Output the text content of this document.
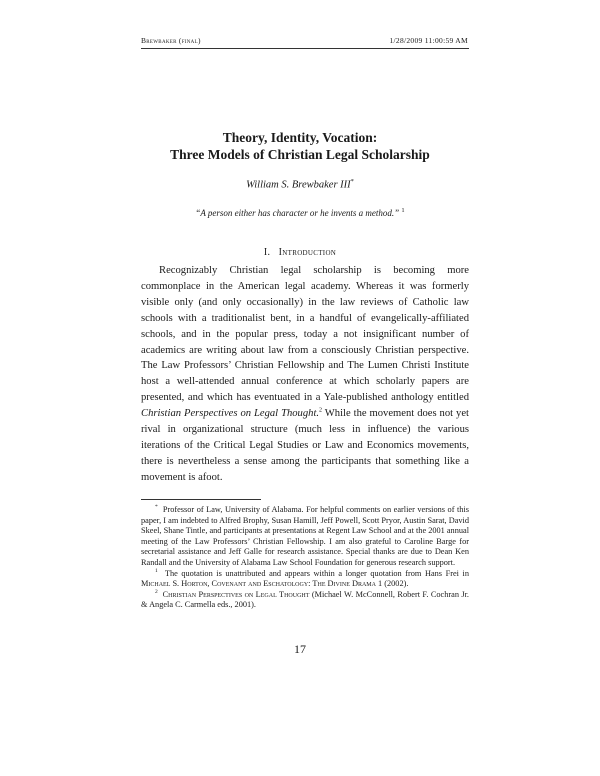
Brewbaker (final)	1/28/2009 11:00:59 AM
Theory, Identity, Vocation:
Three Models of Christian Legal Scholarship
William S. Brewbaker III*
“A person either has character or he invents a method.” $^1$
I. Introduction
Recognizably Christian legal scholarship is becoming more commonplace in the American legal academy. Whereas it was formerly visible only (and only occasionally) in the law reviews of Catholic law schools with a traditionalist bent, in a handful of evangelically-affiliated schools, and in the popular press, today a not insignificant number of academics are writing about law from a consciously Christian perspective. The Law Professors’ Christian Fellowship and The Lumen Christi Institute host a well-attended annual conference at which scholarly papers are presented, and which has eventuated in a Yale-published anthology entitled Christian Perspectives on Legal Thought.$^2$ While the movement does not yet rival in organizational structure (much less in influence) the various iterations of the Critical Legal Studies or Law and Economics movements, there is nevertheless a sense among the participants that something like a movement is afoot.

* Professor of Law, University of Alabama. For helpful comments on earlier versions of this paper, I am indebted to Alfred Brophy, Susan Hamill, Jeff Powell, Scott Pryor, Austin Sarat, David Skeel, Shane Tintle, and participants at presentations at Regent Law School and at the 2001 annual meeting of the Law Professors’ Christian Fellowship. I am also grateful to Caroline Barge for secretarial assistance and Jeff Galle for research assistance. Special thanks are due to Dean Ken Randall and the University of Alabama Law School Foundation for generous research support.

$^1$ The quotation is unattributed and appears within a longer quotation from Hans Frei in Michael S. Horton, Covenant and Eschatology: The Divine Drama 1 (2002).

$^2$ Christian Perspectives on Legal Thought (Michael W. McConnell, Robert F. Cochran Jr. & Angela C. Carmella eds., 2001).

17
